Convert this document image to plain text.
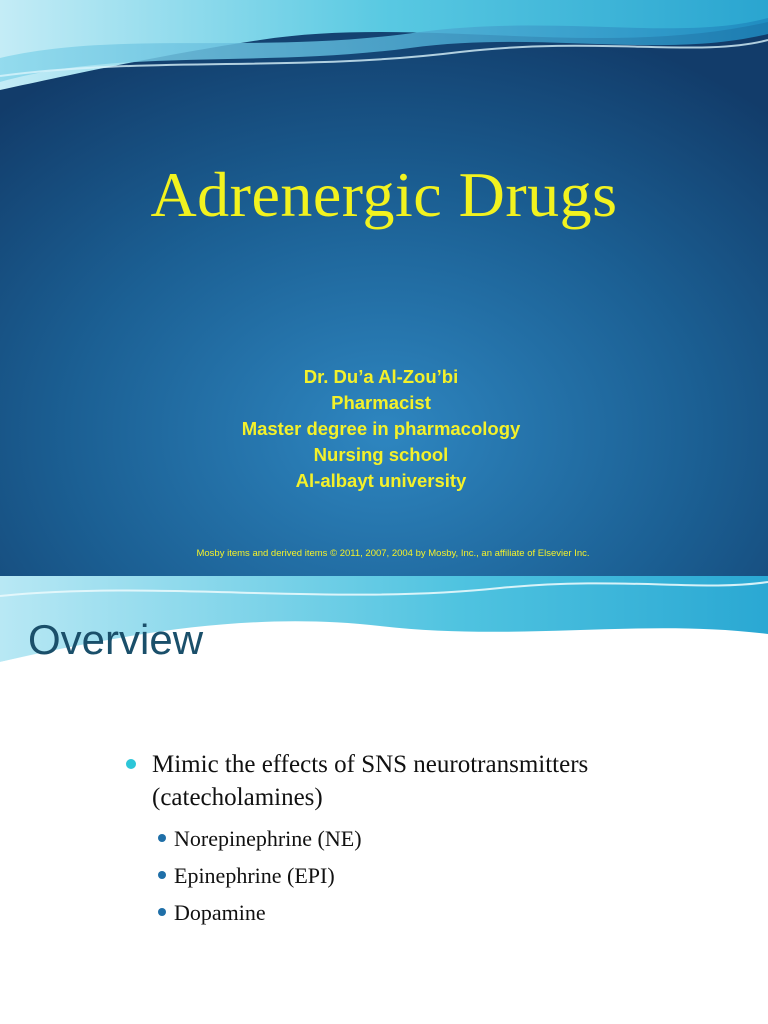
Adrenergic Drugs
Dr. Du’a Al-Zou’bi
Pharmacist
Master degree in pharmacology
Nursing school
Al-albayt university
Mosby items and derived items © 2011, 2007, 2004 by Mosby, Inc., an affiliate of Elsevier Inc.
Overview
Mimic the effects of SNS neurotransmitters (catecholamines)
Norepinephrine (NE)
Epinephrine (EPI)
Dopamine
